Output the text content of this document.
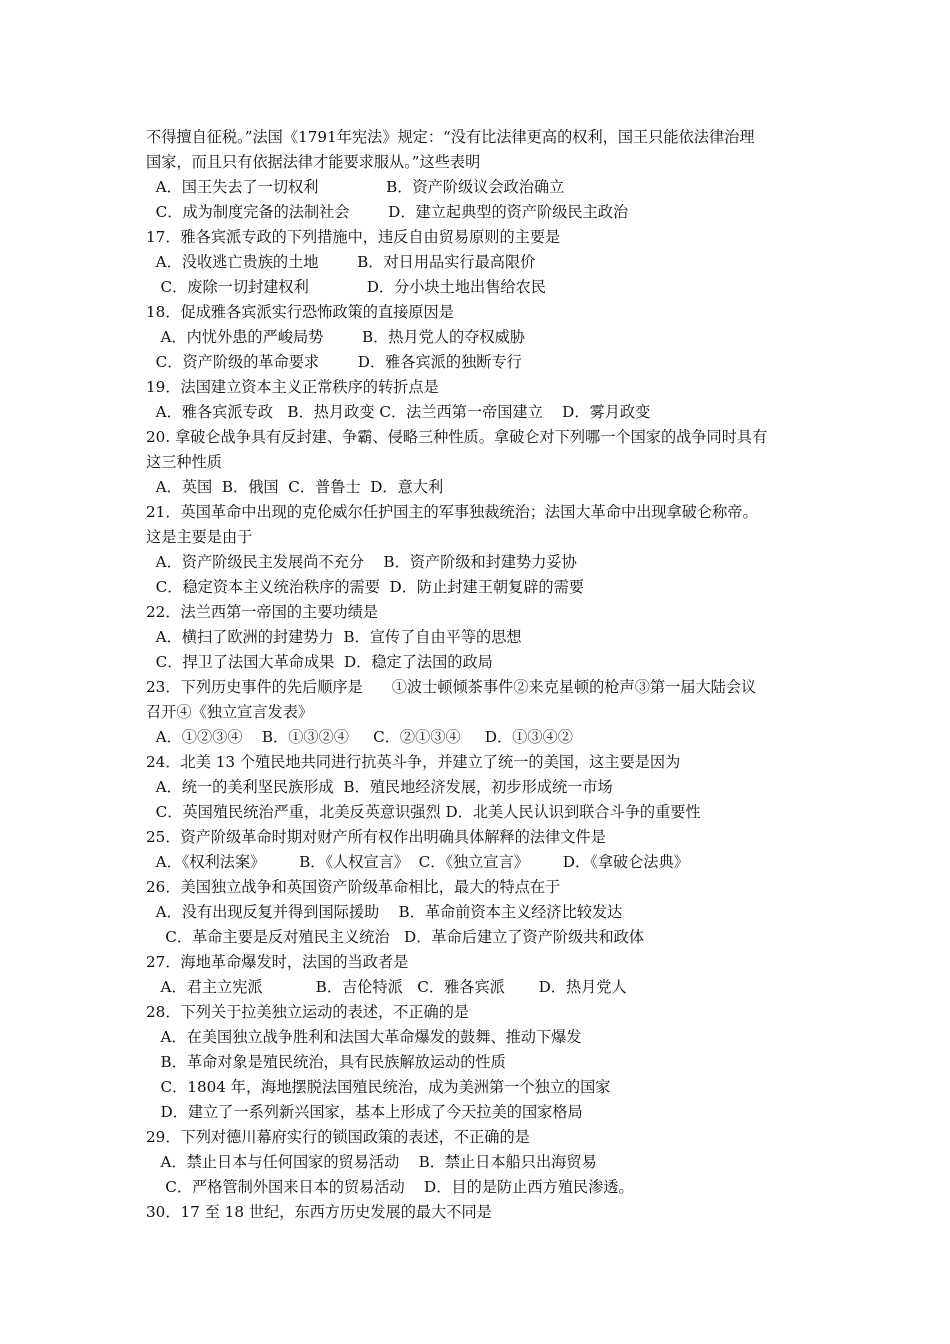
不得擅自征税。”法国《1791年宪法》规定：“没有比法律更高的权利，国王只能依法律治理
国家，而且只有依据法律才能要求服从。”这些表明
A．国王失去了一切权利              B．资产阶级议会政治确立
C．成为制度完备的法制社会        D．建立起典型的资产阶级民主政治
17．雅各宾派专政的下列措施中，违反自由贸易原则的主要是
A．没收逃亡贵族的土地        B．对日用品实行最高限价
C．废除一切封建权利            D．分小块土地出售给农民
18．促成雅各宾派实行恐怖政策的直接原因是
A．内忧外患的严峻局势        B．热月党人的夺权威胁
C．资产阶级的革命要求        D．雅各宾派的独断专行
19．法国建立资本主义正常秩序的转折点是
A．雅各宾派专政   B．热月政变 C．法兰西第一帝国建立    D．雾月政变
20. 拿破仑战争具有反封建、争霸、侵略三种性质。拿破仑对下列哪一个国家的战争同时具有
这三种性质
A．英国  B．俄国  C．普鲁士  D．意大利
21．英国革命中出现的克伦威尔任护国主的军事独裁统治；法国大革命中出现拿破仑称帝。
这是主要是由于
A．资产阶级民主发展尚不充分    B．资产阶级和封建势力妥协
C．稳定资本主义统治秩序的需要  D．防止封建王朝复辟的需要
22．法兰西第一帝国的主要功绩是
A．横扫了欧洲的封建势力  B．宣传了自由平等的思想
C．捍卫了法国大革命成果  D．稳定了法国的政局
23．下列历史事件的先后顺序是      ①波士顿倾茶事件②来克星顿的枪声③第一届大陆会议
召开④《独立宣言发表》
A．①②③④    B．①③②④     C．②①③④     D．①③④②
24．北美 13 个殖民地共同进行抗英斗争，并建立了统一的美国，这主要是因为
A．统一的美利坚民族形成  B．殖民地经济发展，初步形成统一市场
C．英国殖民统治严重，北美反英意识强烈 D．北美人民认识到联合斗争的重要性
25．资产阶级革命时期对财产所有权作出明确具体解释的法律文件是
A．《权利法案》       B．《人权宣言》  C．《独立宣言》       D．《拿破仑法典》
26．美国独立战争和英国资产阶级革命相比，最大的特点在于
A．没有出现反复并得到国际援助    B．革命前资本主义经济比较发达
C．革命主要是反对殖民主义统治   D．革命后建立了资产阶级共和政体
27．海地革命爆发时，法国的当政者是
A．君主立宪派           B．吉伦特派   C．雅各宾派       D．热月党人
28．下列关于拉美独立运动的表述，不正确的是
A．在美国独立战争胜利和法国大革命爆发的鼓舞、推动下爆发
B．革命对象是殖民统治，具有民族解放运动的性质
C．1804 年，海地摆脱法国殖民统治，成为美洲第一个独立的国家
D．建立了一系列新兴国家，基本上形成了今天拉美的国家格局
29．下列对德川幕府实行的锁国政策的表述，不正确的是
A．禁止日本与任何国家的贸易活动    B．禁止日本船只出海贸易
C．严格管制外国来日本的贸易活动    D．目的是防止西方殖民渗透。
30．17 至 18 世纪，东西方历史发展的最大不同是
